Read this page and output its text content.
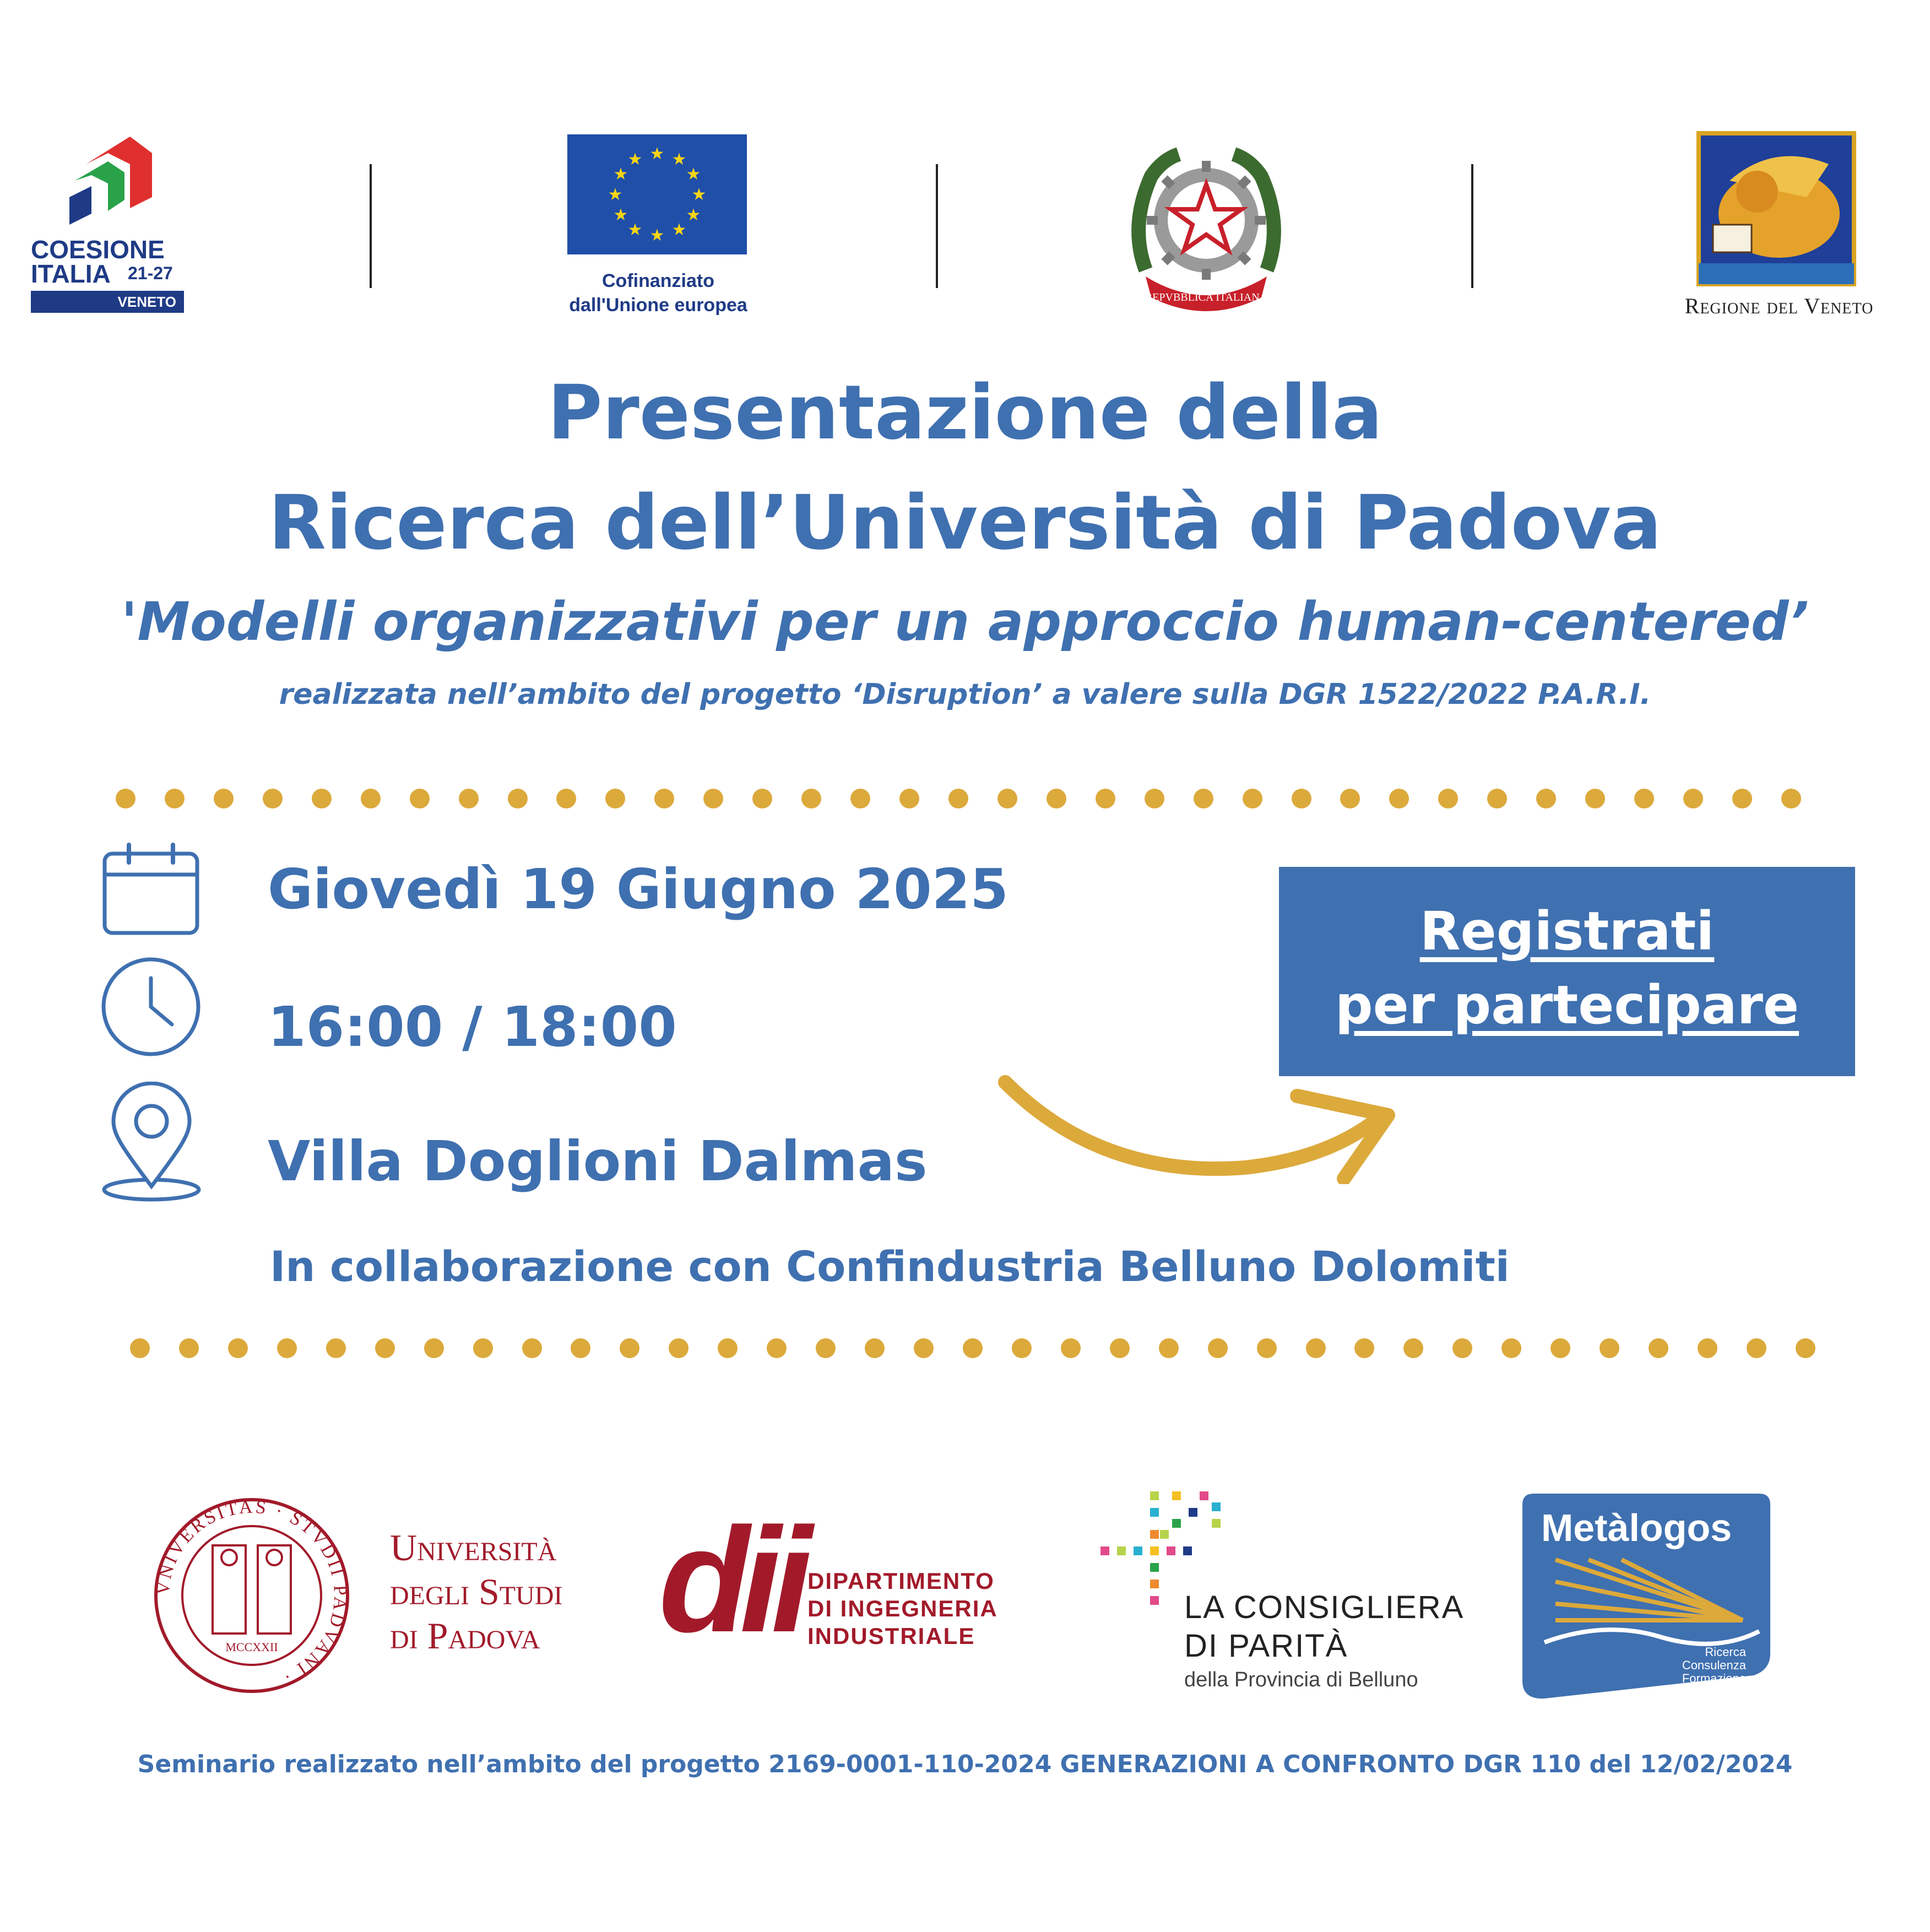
COESIONE
ITALIA 21-27
VENETO
★ ★
★
★
★
★
★
★
★
★
★
★
Cofinanziato
dall'Unione europea	REPVBBLICA ITALIANA	Regione del Veneto
Presentazione della
Ricerca dell’Università di Padova
'Modelli organizzativi per un approccio human-centered’
realizzata nell’ambito del progetto ‘Disruption’ a valere sulla DGR 1522/2022 P.A.R.I.
Giovedì 19 Giugno 2025
16:00 / 18:00
Villa Doglioni Dalmas
In collaborazione con Confindustria Belluno Dolomiti
Registrati
per partecipare
VNIVERSITAS · STVDII PADVANI ·
MCCXXII
Università
degli Studi
di Padova dii DIPARTIMENTO
DI INGEGNERIA
INDUSTRIALE
LA CONSIGLIERA
DI PARITÀ
della Provincia di Belluno
Metàlogos
Ricerca
Consulenza
Formazione
Seminario realizzato nell’ambito del progetto 2169-0001-110-2024 GENERAZIONI A CONFRONTO DGR 110 del 12/02/2024
